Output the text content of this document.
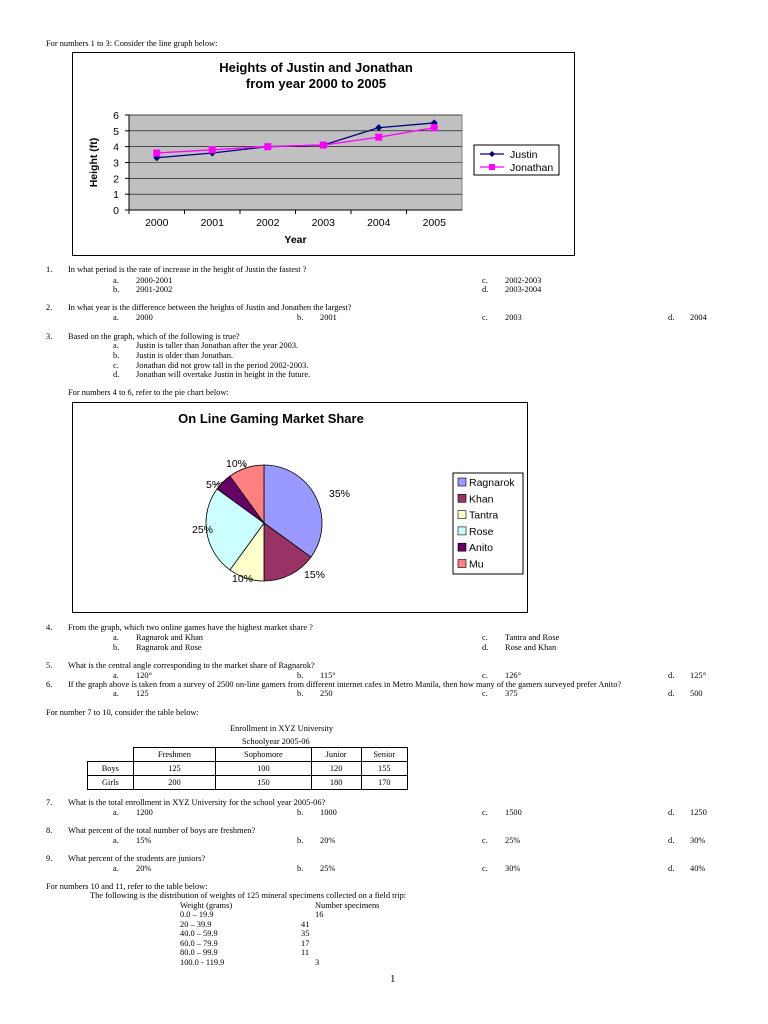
For numbers 1 to 3: Consider the line graph below:
Heights of Justin and Jonathan
from year 2000 to 2005
0
1
2
3
4
5
6
2000	2001	2002	2003	2004	2005
Year
Height (ft)	Justin
Jonathan
1. In what period is the rate of increase in the height of Justin the fastest ?
a. 2000-2001	c. 2002-2003
b. 2001-2002	d. 2003-2004
2. In what year is the difference between the heights of Justin and Jonathen the largest?
a. 2000	b. 2001	c. 2003	d. 2004
3. Based on the graph, which of the following is true?
a. Justin is taller than Jonathan after the year 2003.
b. Justin is older than Jonathan.
c. Jonathan did not grow tall in the period 2002-2003.
d. Jonathan will overtake Justin in height in the future.
For numbers 4 to 6, refer to the pie chart below:
On Line Gaming Market Share
35%
15%
10%
25%
5%
10%
Ragnarok
Khan
Tantra
Rose
Anito
Mu
4. From the graph, which two online games have the highest market share ?
a. Ragnarok and Khan	c. Tantra and Rose
b. Ragnarok and Rose	d. Rose and Khan
5. What is the central angle corresponding to the market share of Ragnarok?
a. 120°	b. 115°	c. 126°	d. 125°
6. If the graph above is taken from a survey of 2500 on-line gamers from different internet cafes in Metro Manila, then how many of the gamers surveyed prefer Anito?
a. 125	b. 250	c. 375	d. 500
For number 7 to 10, consider the table below:
Enrollment in XYZ University
Schoolyear 2005-06
	Freshmen	Sophomore	Junior	Senior
Boys	125	100	120	155
Girls	200	150	180	170
7. What is the total enrollment in XYZ University for the school year 2005-06?
a. 1200	b. 1000	c. 1500	d. 1250
8. What percent of the total number of boys are freshmen?
a. 15%	b. 20%	c. 25%	d. 30%
9. What percent of the students are juniors?
a. 20%	b. 25%	c. 30%	d. 40%
For numbers 10 and 11, refer to the table below:
The following is the distribution of weights of 125 mineral specimens collected on a field trip:
Weight (grams)	Number specimens
0.0 – 19.9	16
20 – 39.9	41
40.0 – 59.9	35
60.0 – 79.9	17
80.0 – 99.9	11
100.0 - 119.9	3
1
